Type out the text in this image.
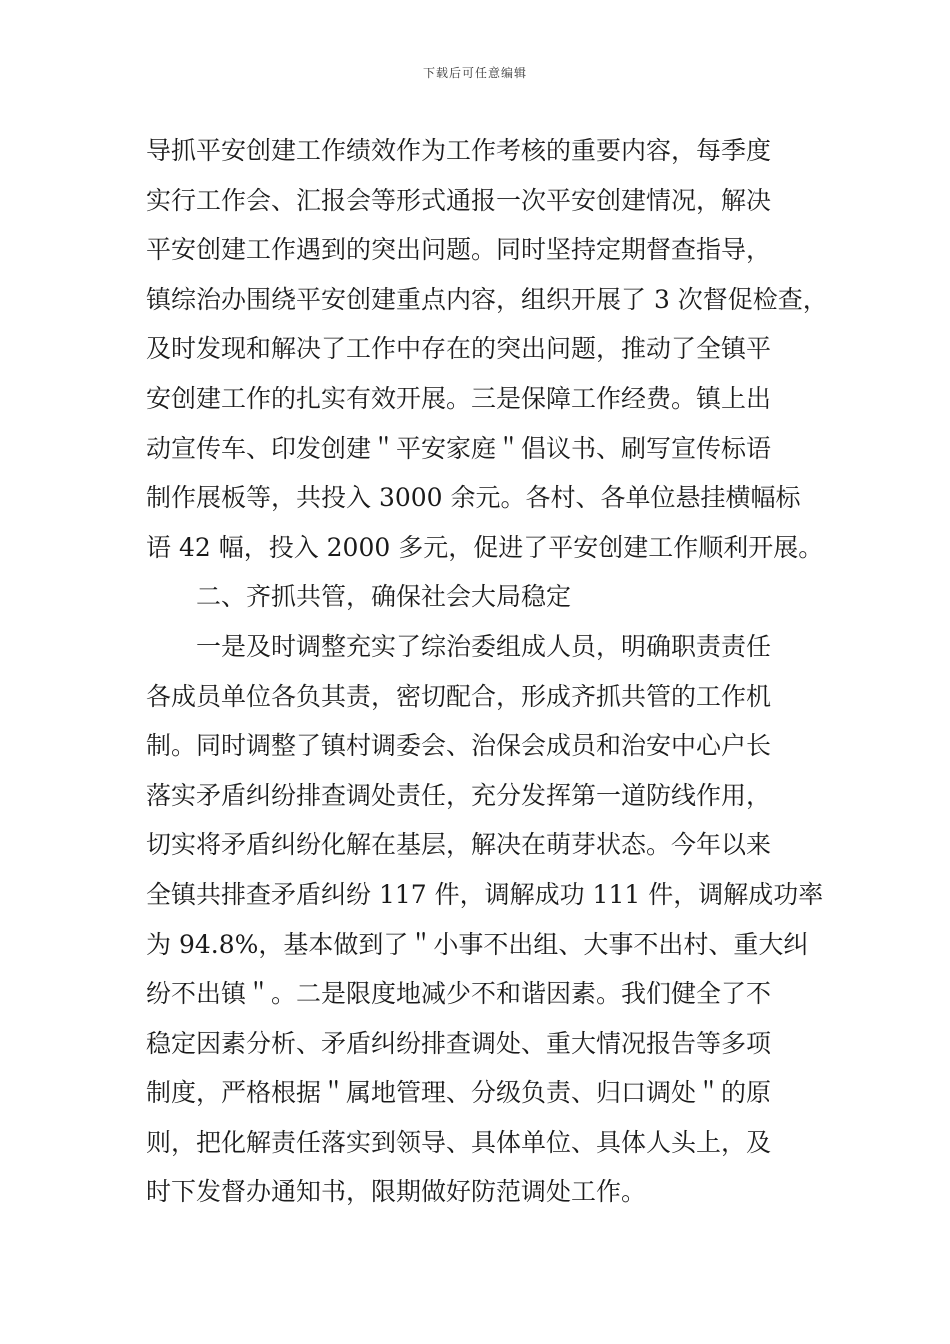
下载后可任意编辑
导抓平安创建工作绩效作为工作考核的重要内容，每季度
实行工作会、汇报会等形式通报一次平安创建情况，解决
平安创建工作遇到的突出问题。同时坚持定期督查指导，
镇综治办围绕平安创建重点内容，组织开展了 3 次督促检查，
及时发现和解决了工作中存在的突出问题，推动了全镇平
安创建工作的扎实有效开展。三是保障工作经费。镇上出
动宣传车、印发创建＂平安家庭＂倡议书、刷写宣传标语
制作展板等，共投入 3000 余元。各村、各单位悬挂横幅标
语 42 幅，投入 2000 多元，促进了平安创建工作顺利开展。
二、齐抓共管，确保社会大局稳定
一是及时调整充实了综治委组成人员，明确职责责任
各成员单位各负其责，密切配合，形成齐抓共管的工作机
制。同时调整了镇村调委会、治保会成员和治安中心户长
落实矛盾纠纷排查调处责任，充分发挥第一道防线作用，
切实将矛盾纠纷化解在基层，解决在萌芽状态。今年以来
全镇共排查矛盾纠纷 117 件，调解成功 111 件，调解成功率
为 94.8%，基本做到了＂小事不出组、大事不出村、重大纠
纷不出镇＂。二是限度地减少不和谐因素。我们健全了不
稳定因素分析、矛盾纠纷排查调处、重大情况报告等多项
制度，严格根据＂属地管理、分级负责、归口调处＂的原
则，把化解责任落实到领导、具体单位、具体人头上，及
时下发督办通知书，限期做好防范调处工作。
